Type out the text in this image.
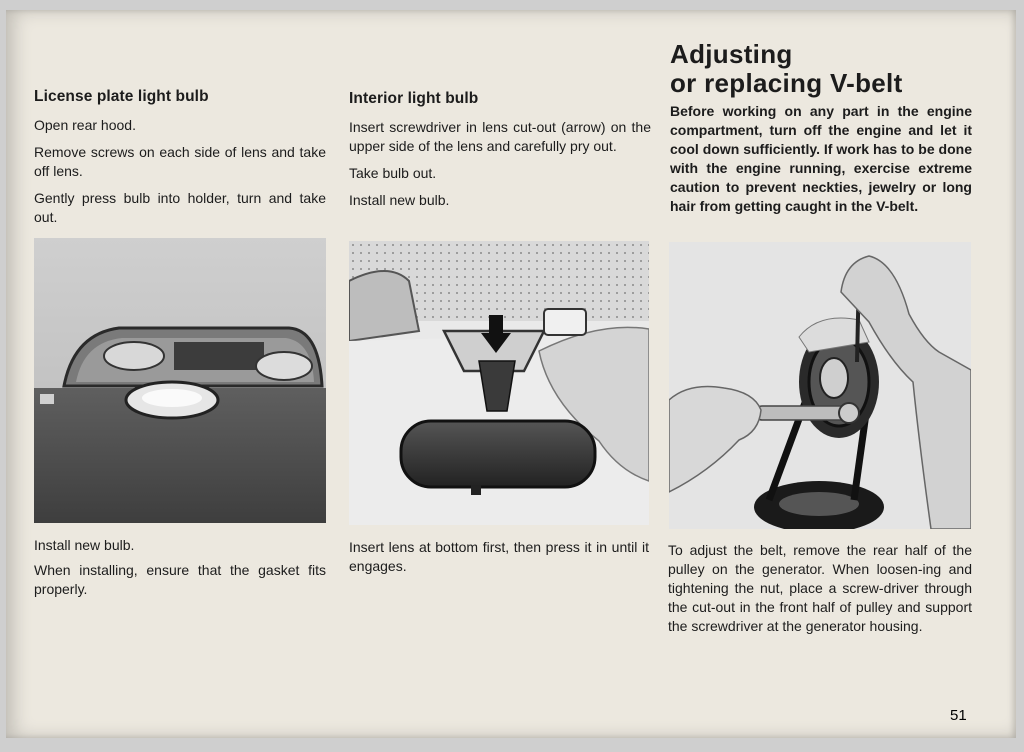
License plate light bulb

Open rear hood.

Remove screws on each side of lens and take off lens.

Gently press bulb into holder, turn and take out.

Install new bulb.

When installing, ensure that the gasket fits properly.

Interior light bulb

Insert screwdriver in lens cut-out (arrow) on the upper side of the lens and carefully pry out.

Take bulb out.

Install new bulb.

Insert lens at bottom first, then press it in until it engages.

Adjusting
or replacing V-belt

Before working on any part in the engine compartment, turn off the engine and let it cool down sufficiently. If work has to be done with the engine running, exercise extreme caution to prevent neckties, jewelry or long hair from getting caught in the V-belt.

To adjust the belt, remove the rear half of the pulley on the generator. When loosen-ing and tightening the nut, place a screw-driver through the cut-out in the front half of pulley and support the screwdriver at the generator housing.

51
